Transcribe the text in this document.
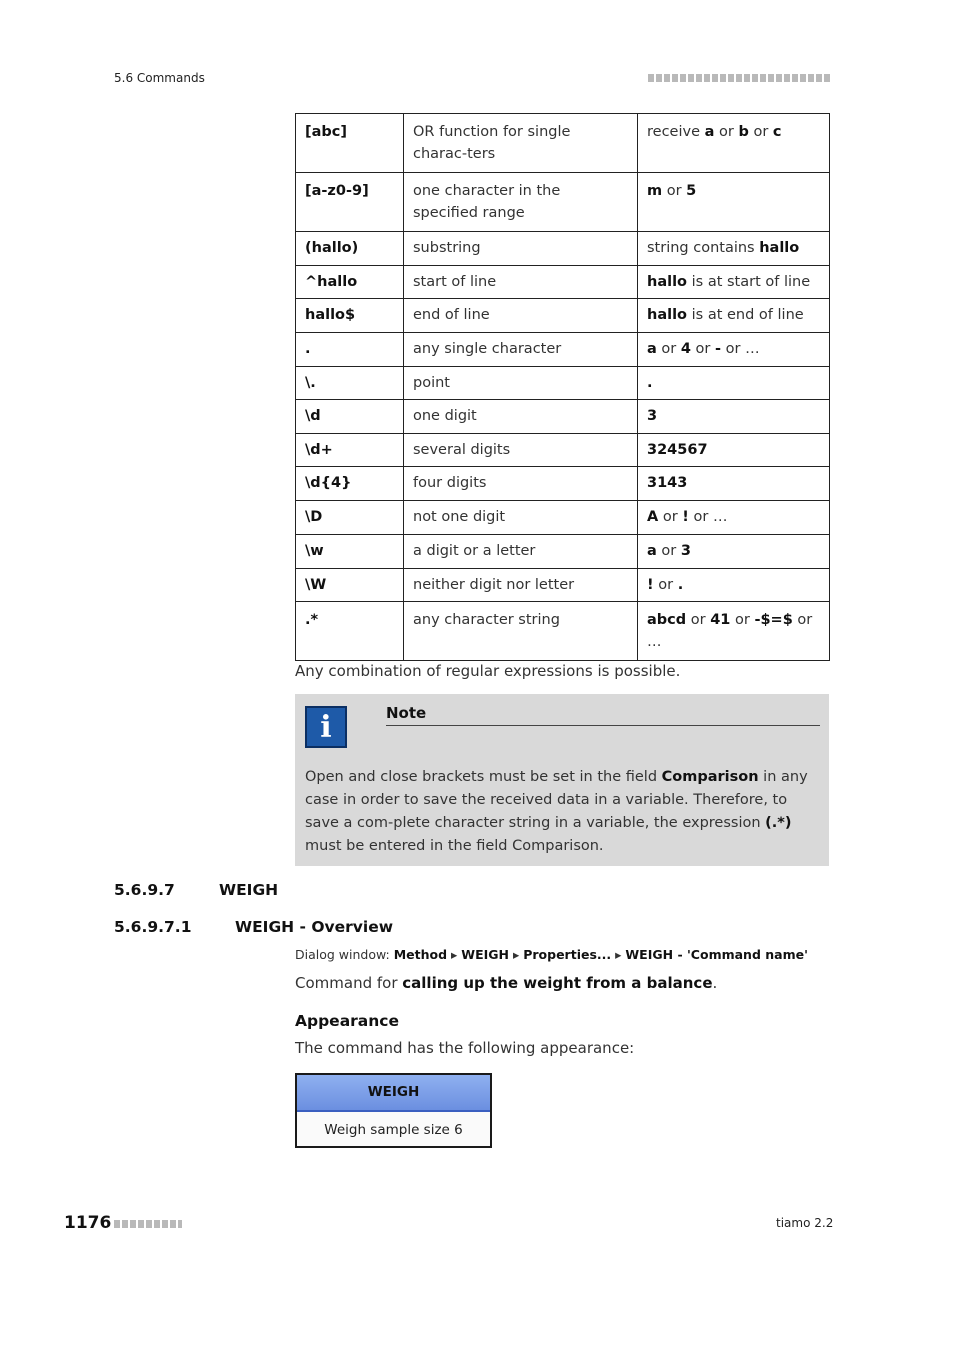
5.6 Commands
[abc]	OR function for single charac-ters	receive a or b or c
[a-z0-9]	one character in the specified range	m or 5
(hallo)	substring	string contains hallo
^hallo	start of line	hallo is at start of line
hallo$	end of line	hallo is at end of line
.	any single character	a or 4 or - or …
\.	point	.
\d	one digit	3
\d+	several digits	324567
\d{4}	four digits	3143
\D	not one digit	A or ! or …
\w	a digit or a letter	a or 3
\W	neither digit nor letter	! or .
.*	any character string	abcd or 41 or -$=$ or …
Any combination of regular expressions is possible.
i	Note
Open and close brackets must be set in the field Comparison in any case in order to save the received data in a variable. Therefore, to save a com-plete character string in a variable, the expression (.*) must be entered in the field Comparison.
5.6.9.7	WEIGH
5.6.9.7.1	WEIGH - Overview
Dialog window: Method ▸ WEIGH ▸ Properties... ▸ WEIGH - 'Command name'
Command for calling up the weight from a balance.
Appearance
The command has the following appearance:
WEIGH
Weigh sample size 6
1176	tiamo 2.2
